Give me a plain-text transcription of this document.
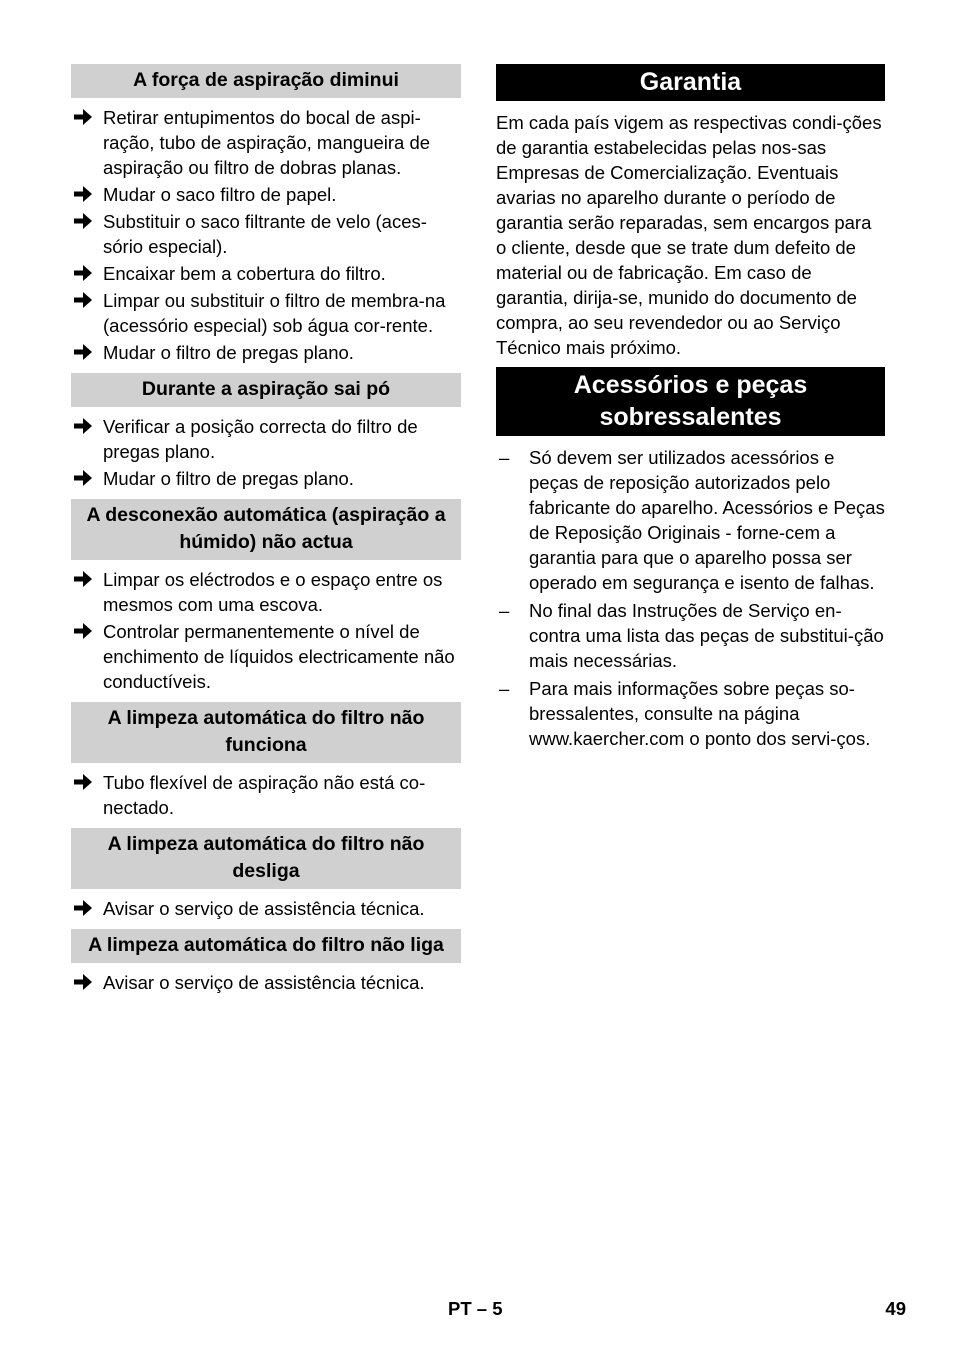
A força de aspiração diminui
Retirar entupimentos do bocal de aspi-ração, tubo de aspiração, mangueira de aspiração ou filtro de dobras planas.
Mudar o saco filtro de papel.
Substituir o saco filtrante de velo (aces-sório especial).
Encaixar bem a cobertura do filtro.
Limpar ou substituir o filtro de membra-na (acessório especial) sob água cor-rente.
Mudar o filtro de pregas plano.
Durante a aspiração sai pó
Verificar a posição correcta do filtro de pregas plano.
Mudar o filtro de pregas plano.
A desconexão automática (aspiração a húmido) não actua
Limpar os eléctrodos e o espaço entre os mesmos com uma escova.
Controlar permanentemente o nível de enchimento de líquidos electricamente não conductíveis.
A limpeza automática do filtro não funciona
Tubo flexível de aspiração não está co-nectado.
A limpeza automática do filtro não desliga
Avisar o serviço de assistência técnica.
A limpeza automática do filtro não liga
Avisar o serviço de assistência técnica.
Garantia

Em cada país vigem as respectivas condi-ções de garantia estabelecidas pelas nos-sas Empresas de Comercialização. Eventuais avarias no aparelho durante o período de garantia serão reparadas, sem encargos para o cliente, desde que se trate dum defeito de material ou de fabricação. Em caso de garantia, dirija-se, munido do documento de compra, ao seu revendedor ou ao Serviço Técnico mais próximo.

Acessórios e peças sobressalentes
– Só devem ser utilizados acessórios e peças de reposição autorizados pelo fabricante do aparelho. Acessórios e Peças de Reposição Originais - forne-cem a garantia para que o aparelho possa ser operado em segurança e isento de falhas.
– No final das Instruções de Serviço en-contra uma lista das peças de substitui-ção mais necessárias.
– Para mais informações sobre peças so-bressalentes, consulte na página www.kaercher.com o ponto dos servi-ços.
PT – 5	49
